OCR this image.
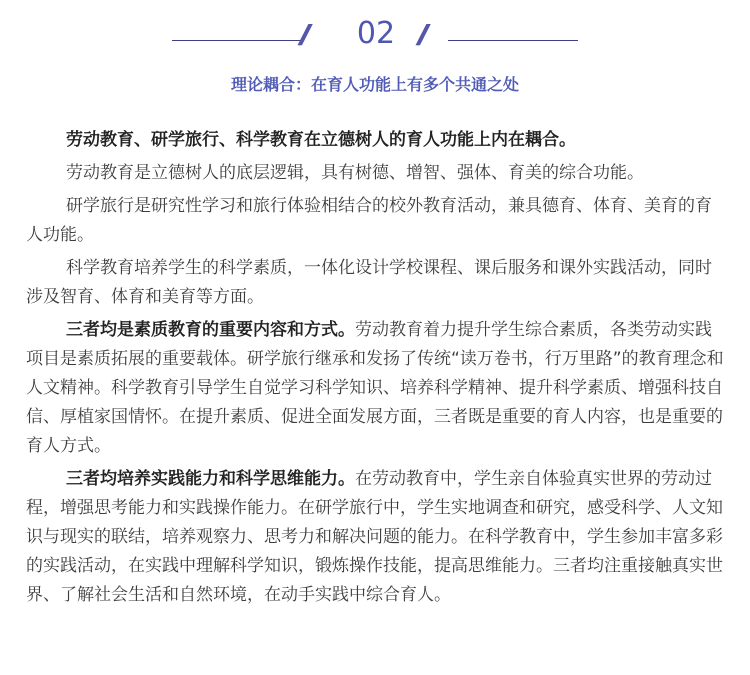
// 02 //
理论耦合：在育人功能上有多个共通之处

劳动教育、研学旅行、科学教育在立德树人的育人功能上内在耦合。

劳动教育是立德树人的底层逻辑，具有树德、增智、强体、育美的综合功能。

研学旅行是研究性学习和旅行体验相结合的校外教育活动，兼具德育、体育、美育的育人功能。

科学教育培养学生的科学素质，一体化设计学校课程、课后服务和课外实践活动，同时涉及智育、体育和美育等方面。

三者均是素质教育的重要内容和方式。劳动教育着力提升学生综合素质，各类劳动实践项目是素质拓展的重要载体。研学旅行继承和发扬了传统“读万卷书，行万里路”的教育理念和人文精神。科学教育引导学生自觉学习科学知识、培养科学精神、提升科学素质、增强科技自信、厚植家国情怀。在提升素质、促进全面发展方面，三者既是重要的育人内容，也是重要的育人方式。

三者均培养实践能力和科学思维能力。在劳动教育中，学生亲自体验真实世界的劳动过程，增强思考能力和实践操作能力。在研学旅行中，学生实地调查和研究，感受科学、人文知识与现实的联结，培养观察力、思考力和解决问题的能力。在科学教育中，学生参加丰富多彩的实践活动，在实践中理解科学知识，锻炼操作技能，提高思维能力。三者均注重接触真实世界、了解社会生活和自然环境，在动手实践中综合育人。
